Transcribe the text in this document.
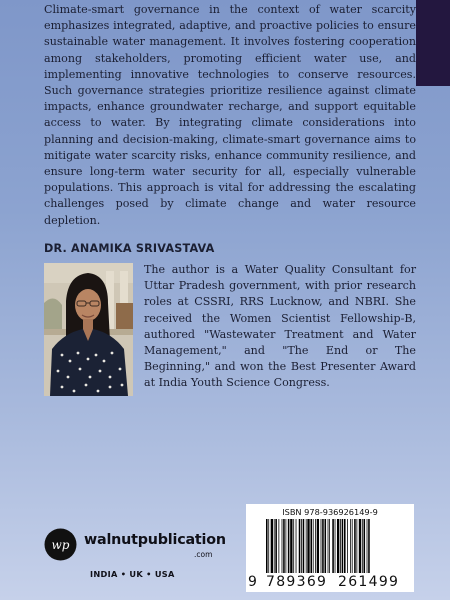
Climate-smart governance in the context of water scarcity emphasizes integrated, adaptive, and proactive policies to ensure sustainable water management. It involves fostering cooperation among stakeholders, promoting efficient water use, and implementing innovative technologies to conserve resources. Such governance strategies prioritize resilience against climate impacts, enhance groundwater recharge, and support equitable access to water. By integrating climate considerations into planning and decision-making, climate-smart governance aims to mitigate water scarcity risks, enhance community resilience, and ensure long-term water security for all, especially vulnerable populations. This approach is vital for addressing the escalating challenges posed by climate change and water resource depletion.

DR. ANAMIKA SRIVASTAVA

The author is a Water Quality Consultant for Uttar Pradesh government, with prior research roles at CSSRI, RRS Lucknow, and NBRI. She received the Women Scientist Fellowship-B, authored "Wastewater Treatment and Water Management," and "The End or The Beginning," and won the Best Presenter Award at India Youth Science Congress.

wp walnutpublication
.com
INDIA • UK • USA
ISBN 978-936926149-9
9 789369 261499
